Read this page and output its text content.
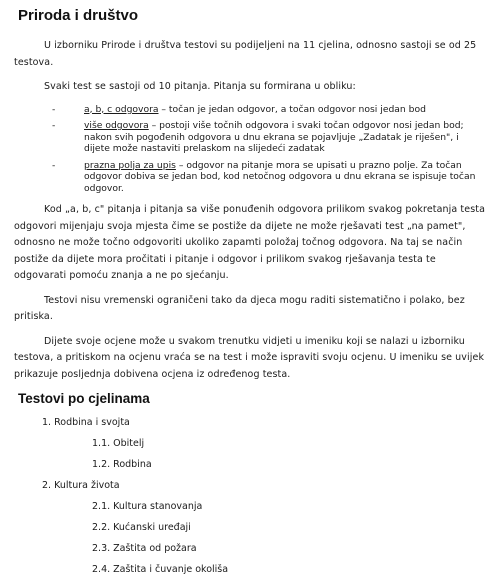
Priroda i društvo

U izborniku Prirode i društva testovi su podijeljeni na 11 cjelina, odnosno sastoji se od 25 testova.

Svaki test se sastoji od 10 pitanja. Pitanja su formirana u obliku:

-	a, b, c odgovora – točan je jedan odgovor, a točan odgovor nosi jedan bod
-	više odgovora – postoji više točnih odgovora i svaki točan odgovor nosi jedan bod; nakon svih pogođenih odgovora u dnu ekrana se pojavljuje „Zadatak je riješen", i dijete može nastaviti prelaskom na slijedeći zadatak
-	prazna polja za upis – odgovor na pitanje mora se upisati u prazno polje. Za točan odgovor dobiva se jedan bod, kod netočnog odgovora u dnu ekrana se ispisuje točan odgovor.

Kod „a, b, c" pitanja i pitanja sa više ponuđenih odgovora prilikom svakog pokretanja testa odgovori mijenjaju svoja mjesta čime se postiže da dijete ne može rješavati test „na pamet", odnosno ne može točno odgovoriti ukoliko zapamti položaj točnog odgovora. Na taj se način postiže da dijete mora pročitati i pitanje i odgovor i prilikom svakog rješavanja testa te odgovarati pomoću znanja a ne po sjećanju.

Testovi nisu vremenski ograničeni tako da djeca mogu raditi sistematično i polako, bez pritiska.

Dijete svoje ocjene može u svakom trenutku vidjeti u imeniku koji se nalazi u izborniku testova, a pritiskom na ocjenu vraća se na test i može ispraviti svoju ocjenu. U imeniku se uvijek prikazuje posljednja dobivena ocjena iz određenog testa.

Testovi po cjelinama
1. Rodbina i svojta
1.1. Obitelj
1.2. Rodbina
2. Kultura života
2.1. Kultura stanovanja
2.2. Kućanski uređaji
2.3. Zaštita od požara
2.4. Zaštita i čuvanje okoliša
